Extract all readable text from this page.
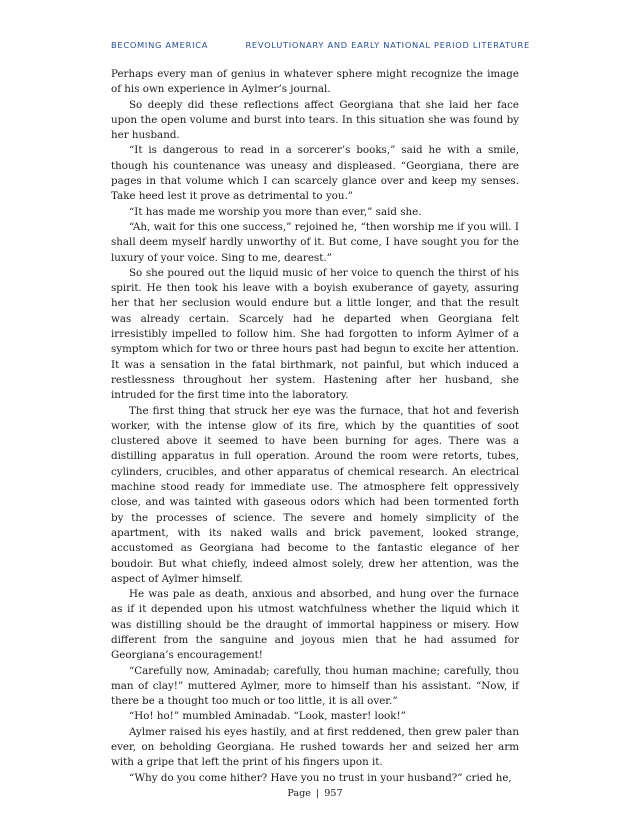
BECOMING AMERICA	REVOLUTIONARY AND EARLY NATIONAL PERIOD LITERATURE

Perhaps every man of genius in whatever sphere might recognize the image of his own experience in Aylmer’s journal.

So deeply did these reflections affect Georgiana that she laid her face upon the open volume and burst into tears. In this situation she was found by her husband.

“It is dangerous to read in a sorcerer’s books,” said he with a smile, though his countenance was uneasy and displeased. “Georgiana, there are pages in that volume which I can scarcely glance over and keep my senses. Take heed lest it prove as detrimental to you.”

“It has made me worship you more than ever,” said she.

“Ah, wait for this one success,” rejoined he, “then worship me if you will. I shall deem myself hardly unworthy of it. But come, I have sought you for the luxury of your voice. Sing to me, dearest.”

So she poured out the liquid music of her voice to quench the thirst of his spirit. He then took his leave with a boyish exuberance of gayety, assuring her that her seclusion would endure but a little longer, and that the result was already certain. Scarcely had he departed when Georgiana felt irresistibly impelled to follow him. She had forgotten to inform Aylmer of a symptom which for two or three hours past had begun to excite her attention. It was a sensation in the fatal birthmark, not painful, but which induced a restlessness throughout her system. Hastening after her husband, she intruded for the first time into the laboratory.

The first thing that struck her eye was the furnace, that hot and feverish worker, with the intense glow of its fire, which by the quantities of soot clustered above it seemed to have been burning for ages. There was a distilling apparatus in full operation. Around the room were retorts, tubes, cylinders, crucibles, and other apparatus of chemical research. An electrical machine stood ready for immediate use. The atmosphere felt oppressively close, and was tainted with gaseous odors which had been tormented forth by the processes of science. The severe and homely simplicity of the apartment, with its naked walls and brick pavement, looked strange, accustomed as Georgiana had become to the fantastic elegance of her boudoir. But what chiefly, indeed almost solely, drew her attention, was the aspect of Aylmer himself.

He was pale as death, anxious and absorbed, and hung over the furnace as if it depended upon his utmost watchfulness whether the liquid which it was distilling should be the draught of immortal happiness or misery. How different from the sanguine and joyous mien that he had assumed for Georgiana’s encouragement!

“Carefully now, Aminadab; carefully, thou human machine; carefully, thou man of clay!” muttered Aylmer, more to himself than his assistant. “Now, if there be a thought too much or too little, it is all over.”

“Ho! ho!” mumbled Aminadab. “Look, master! look!”

Aylmer raised his eyes hastily, and at first reddened, then grew paler than ever, on beholding Georgiana. He rushed towards her and seized her arm with a gripe that left the print of his fingers upon it.

“Why do you come hither? Have you no trust in your husband?” cried he,

Page | 957
